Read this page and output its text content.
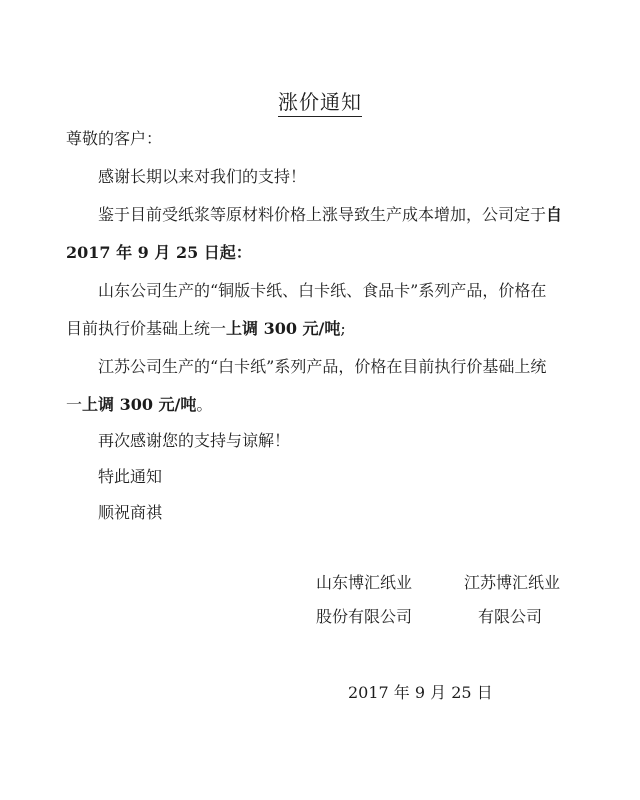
涨价通知
尊敬的客户：
感谢长期以来对我们的支持！
鉴于目前受纸浆等原材料价格上涨导致生产成本增加，公司定于自
2017 年 9 月 25 日起：
山东公司生产的“铜版卡纸、白卡纸、食品卡”系列产品，价格在
目前执行价基础上统一上调 300 元/吨;
江苏公司生产的“白卡纸”系列产品，价格在目前执行价基础上统
一上调 300 元/吨。
再次感谢您的支持与谅解！
特此通知
顺祝商祺
山东博汇纸业
股份有限公司
江苏博汇纸业
有限公司
2017 年 9 月 25 日
